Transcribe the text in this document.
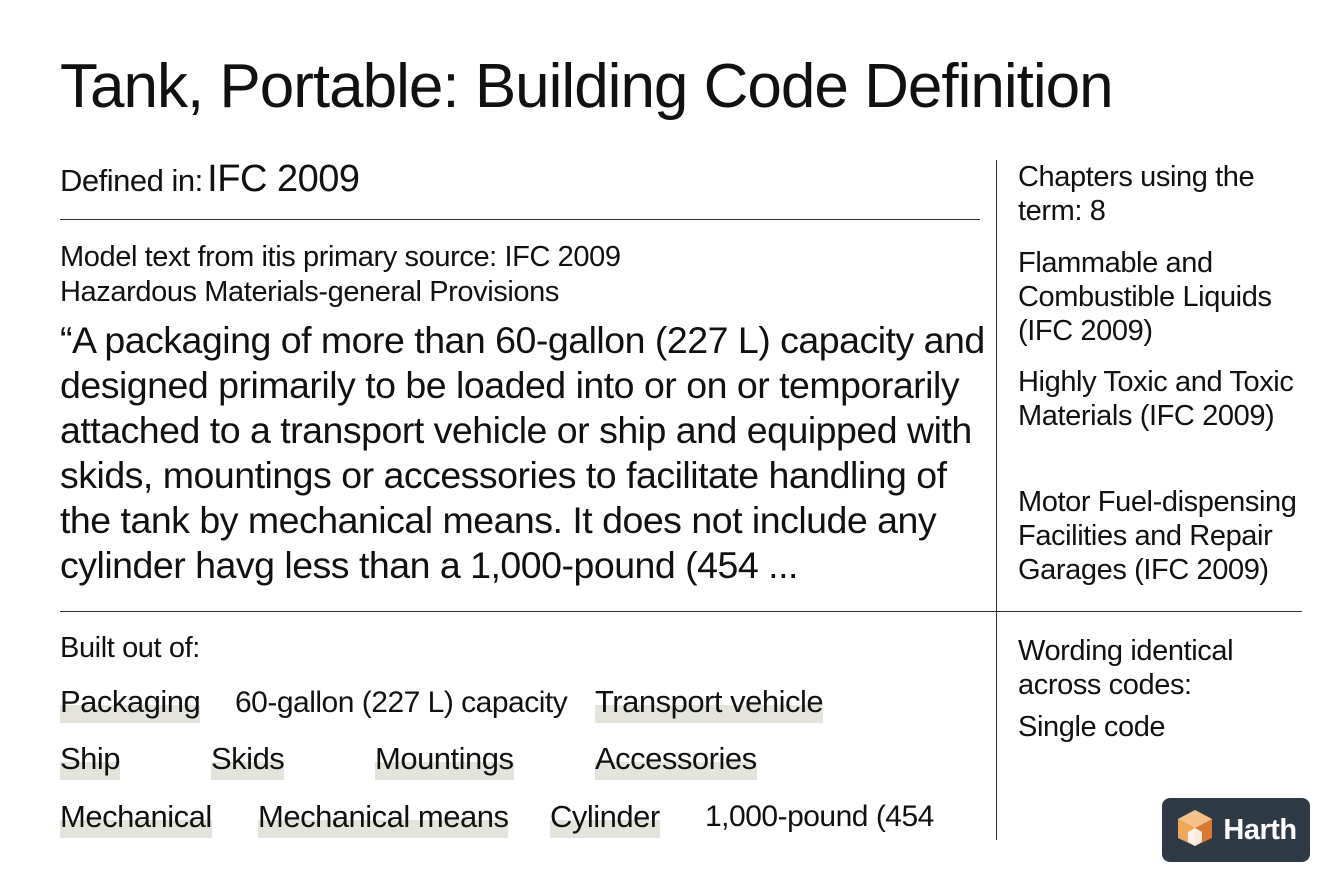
Tank, Portable: Building Code Definition
Defined in: IFC 2009
Model text from itis primary source: IFC 2009
Hazardous Materials-general Provisions
“A packaging of more than 60-gallon (227 L) capacity and designed primarily to be loaded into or on or temporarily attached to a transport vehicle or ship and equipped with skids, mountings or accessories to facilitate handling of the tank by mechanical means. It does not include any cylinder havg less than a 1,000-pound (454 ...
Built out of:
Packaging 60-gallon (227 L) capacity Transport vehicle
Ship	Skids	Mountings	Accessories
Mechanical Mechanical means Cylinder 1,000-pound (454
Chapters using the term: 8
Flammable and Combustible Liquids (IFC 2009)
Highly Toxic and Toxic Materials (IFC 2009)
Motor Fuel-dispensing Facilities and Repair Garages (IFC 2009)
Wording identical across codes:
Single code
Harth
